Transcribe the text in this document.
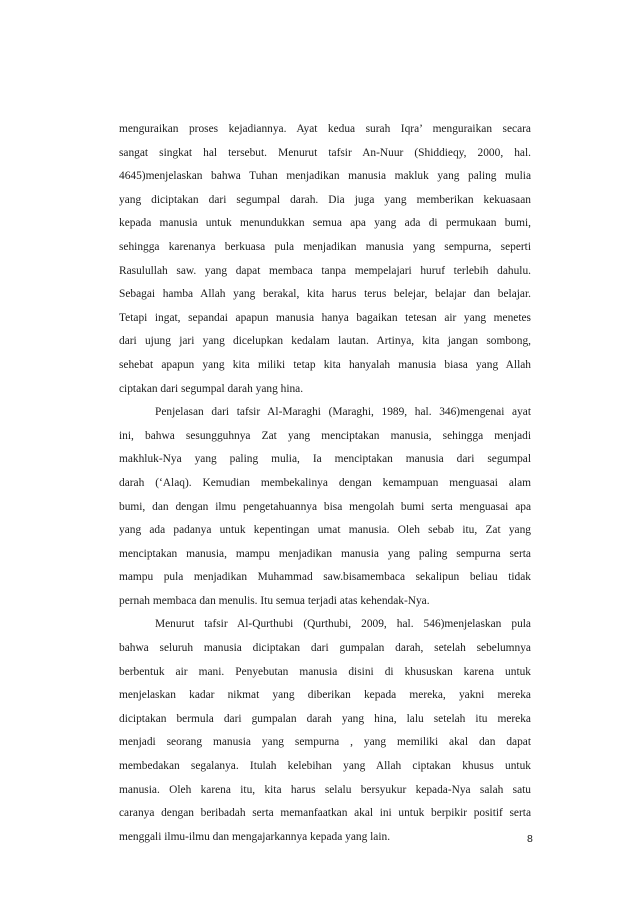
menguraikan proses kejadiannya. Ayat kedua surah Iqra’ menguraikan secara
sangat singkat hal tersebut. Menurut tafsir An-Nuur (Shiddieqy, 2000, hal.
4645)menjelaskan bahwa Tuhan menjadikan manusia makluk yang paling mulia
yang diciptakan dari segumpal darah. Dia juga yang memberikan kekuasaan
kepada manusia untuk menundukkan semua apa yang ada di permukaan bumi,
sehingga karenanya berkuasa pula menjadikan manusia yang sempurna, seperti
Rasulullah saw. yang dapat membaca tanpa mempelajari huruf terlebih dahulu.
Sebagai hamba Allah yang berakal, kita harus terus belejar, belajar dan belajar.
Tetapi ingat, sepandai apapun manusia hanya bagaikan tetesan air yang menetes
dari ujung jari yang dicelupkan kedalam lautan. Artinya, kita jangan sombong,
sehebat apapun yang kita miliki tetap kita hanyalah manusia biasa yang Allah
ciptakan dari segumpal darah yang hina.
Penjelasan dari tafsir Al-Maraghi (Maraghi, 1989, hal. 346)mengenai ayat
ini, bahwa sesungguhnya Zat yang menciptakan manusia, sehingga menjadi
makhluk-Nya yang paling mulia, Ia menciptakan manusia dari segumpal
darah (‘Alaq). Kemudian membekalinya dengan kemampuan menguasai alam
bumi, dan dengan ilmu pengetahuannya bisa mengolah bumi serta menguasai apa
yang ada padanya untuk kepentingan umat manusia. Oleh sebab itu, Zat yang
menciptakan manusia, mampu menjadikan manusia yang paling sempurna serta
mampu pula menjadikan Muhammad saw.bisamembaca sekalipun beliau tidak
pernah membaca dan menulis. Itu semua terjadi atas kehendak-Nya.
Menurut tafsir Al-Qurthubi (Qurthubi, 2009, hal. 546)menjelaskan pula
bahwa seluruh manusia diciptakan dari gumpalan darah, setelah sebelumnya
berbentuk air mani. Penyebutan manusia disini di khususkan karena untuk
menjelaskan kadar nikmat yang diberikan kepada mereka, yakni mereka
diciptakan bermula dari gumpalan darah yang hina, lalu setelah itu mereka
menjadi seorang manusia yang sempurna , yang memiliki akal dan dapat
membedakan segalanya. Itulah kelebihan yang Allah ciptakan khusus untuk
manusia. Oleh karena itu, kita harus selalu bersyukur kepada-Nya salah satu
caranya dengan beribadah serta memanfaatkan akal ini untuk berpikir positif serta
menggali ilmu-ilmu dan mengajarkannya kepada yang lain.	8
